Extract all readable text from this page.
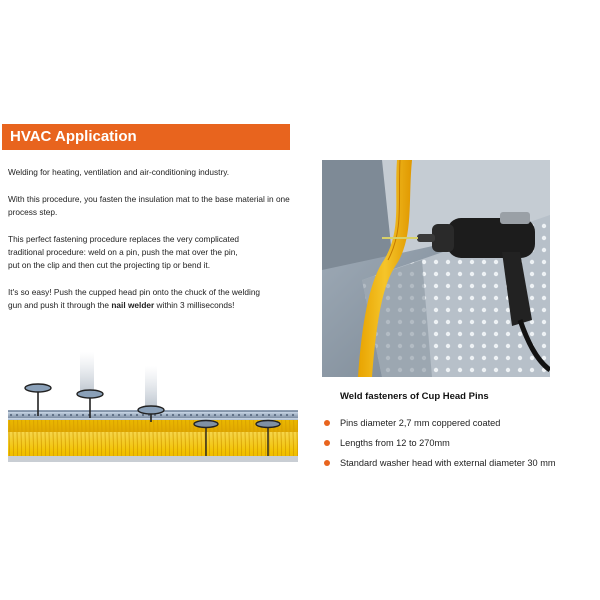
HVAC Application

Welding for heating, ventilation and air-conditioning industry.

With this procedure, you fasten the insulation mat to the base material in one process step.

This perfect fastening procedure replaces the very complicated
traditional procedure: weld on a pin, push the mat over the pin,
put on the clip and then cut the projecting tip or bend it.

It's so easy! Push the cupped head pin onto the chuck of the welding
gun and push it through the nail welder within 3 milliseconds!

Weld fasteners of Cup Head Pins
Pins diameter 2,7 mm coppered coated
Lengths from 12 to 270mm
Standard washer head with external diameter 30 mm
